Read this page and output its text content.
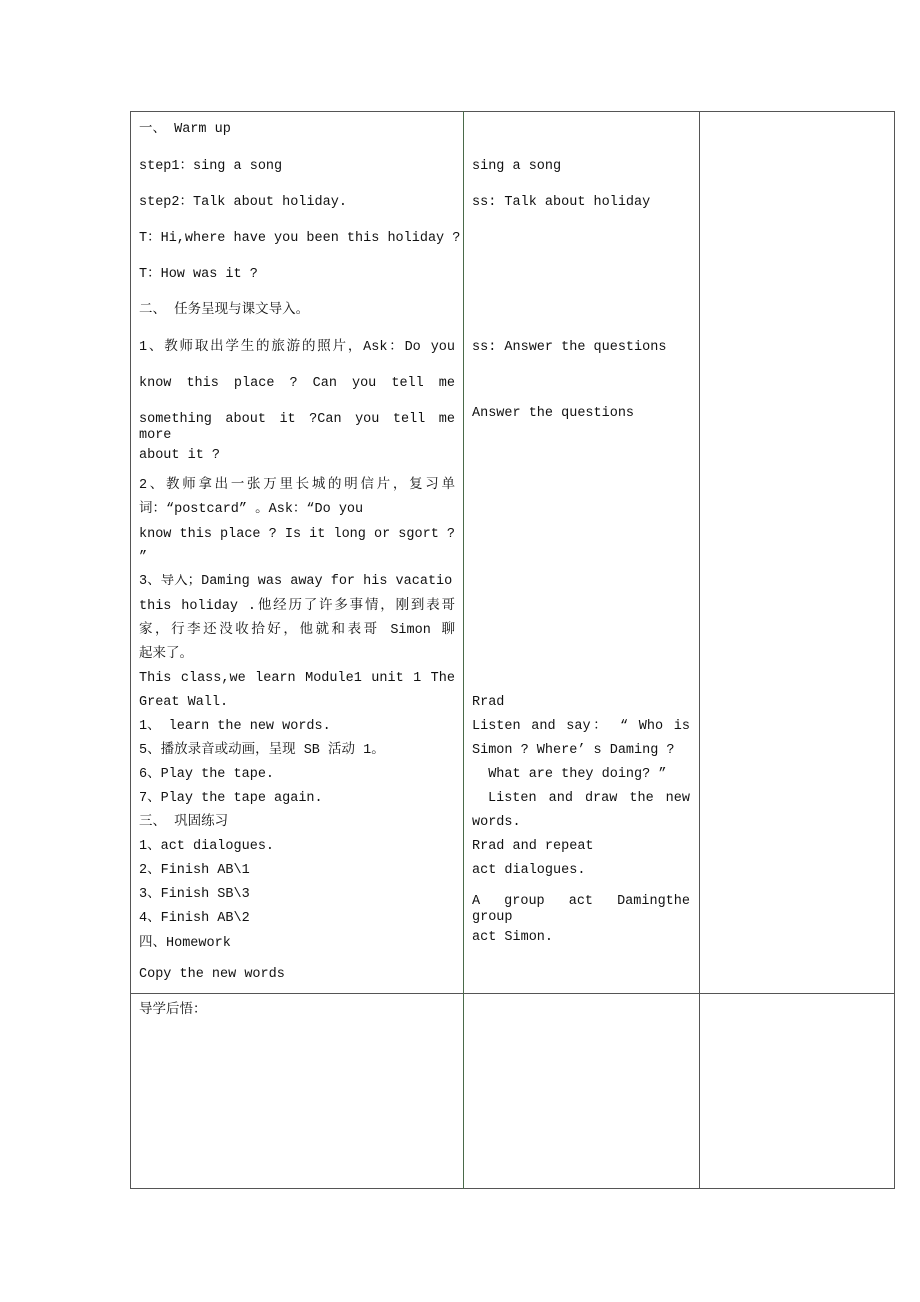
一、 Warm up
step1：sing a song
step2：Talk about holiday.
T：Hi,where have you been this holiday ?
T：How was it ?
二、 任务呈现与课文导入。
1、教师取出学生的旅游的照片，Ask：Do you
know this place ? Can you tell me
something about it ?Can you tell me more
about it ?
2、教师拿出一张万里长城的明信片，复习单
词：“postcard” 。Ask：“Do you
know this place ? Is it long or sgort ?
”
3、导入；Daming was away for his vacatio
this holiday .他经历了许多事情，刚到表哥
家，行李还没收拾好，他就和表哥 Simon 聊
起来了。
This class,we learn Module1 unit 1 The
Great Wall.
1、 learn the new words.
5、播放录音或动画，呈现 SB 活动 1。
6、Play the tape.
7、Play the tape again.
三、 巩固练习
1、act dialogues.
2、Finish AB\1
3、Finish SB\3
4、Finish AB\2
四、Homework
Copy the new words
导学后悟：
sing a song
ss: Talk about holiday
ss: Answer the questions
Answer the questions
Rrad
Listen and say： “ Who is
Simon ? Where’ s Daming ?
What are they doing? ”
Listen and draw the new
words.
Rrad and repeat
act dialogues.
A group act Damingthe group
act Simon.
